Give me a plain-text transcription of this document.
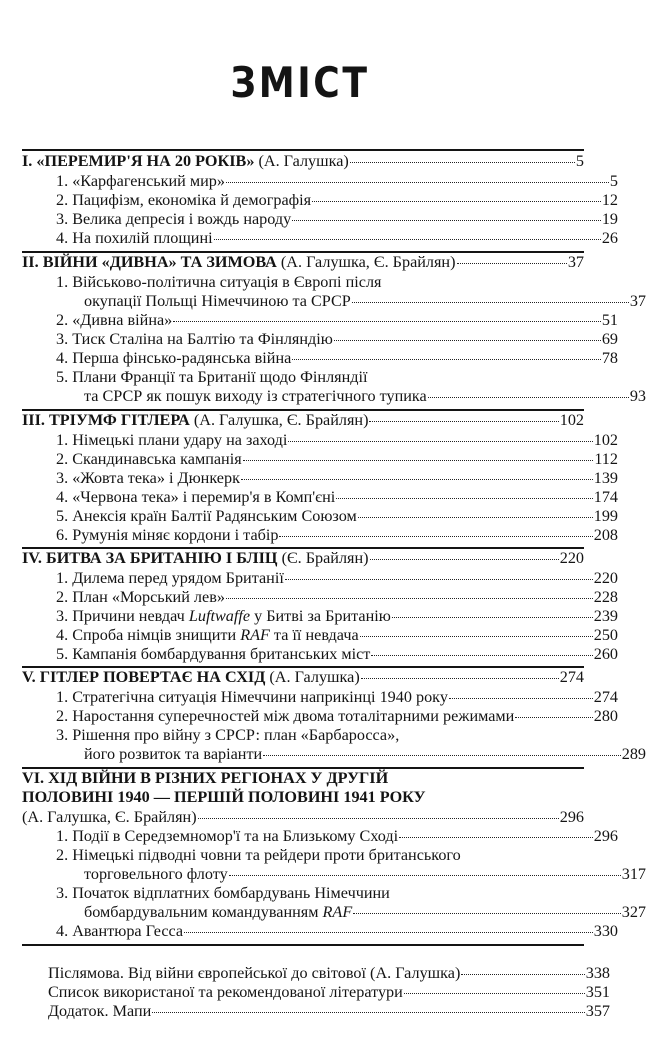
ЗМІСТ
I. «ПЕРЕМИР'Я НА 20 РОКІВ» (А. Галушка)	5
1. «Карфагенський мир»	5
2. Пацифізм, економіка й демографія	12
3. Велика депресія і вождь народу	19
4. На похилій площині	26
II. ВІЙНИ «ДИВНА» ТА ЗИМОВА (А. Галушка, Є. Брайлян)	37
1. Військово-політична ситуація в Європі після
окупації Польщі Німеччиною та СРСР	37
2. «Дивна війна»	51
3. Тиск Сталіна на Балтію та Фінляндію	69
4. Перша фінсько-радянська війна	78
5. Плани Франції та Британії щодо Фінляндії
та СРСР як пошук виходу із стратегічного тупика	93
III. ТРІУМФ ГІТЛЕРА (А. Галушка, Є. Брайлян)	102
1. Німецькі плани удару на заході	102
2. Скандинавська кампанія	112
3. «Жовта тека» і Дюнкерк	139
4. «Червона тека» і перемир'я в Комп'єні	174
5. Анексія країн Балтії Радянським Союзом	199
6. Румунія міняє кордони і табір	208
IV. БИТВА ЗА БРИТАНІЮ І БЛІЦ (Є. Брайлян)	220
1. Дилема перед урядом Британії	220
2. План «Морський лев»	228
3. Причини невдач Luftwaffe у Битві за Британію	239
4. Спроба німців знищити RAF та її невдача	250
5. Кампанія бомбардування британських міст	260
V. ГІТЛЕР ПОВЕРТАЄ НА СХІД (А. Галушка)	274
1. Стратегічна ситуація Німеччини наприкінці 1940 року	274
2. Наростання суперечностей між двома тоталітарними режимами	280
3. Рішення про війну з СРСР: план «Барбаросса»,
його розвиток та варіанти	289
VI. ХІД ВІЙНИ В РІЗНИХ РЕГІОНАХ У ДРУГІЙ
ПОЛОВИНІ 1940 — ПЕРШІЙ ПОЛОВИНІ 1941 РОКУ
(А. Галушка, Є. Брайлян)	296
1. Події в Середземномор'ї та на Близькому Сході	296
2. Німецькі підводні човни та рейдери проти британського
торговельного флоту	317
3. Початок відплатних бомбардувань Німеччини
бомбардувальним командуванням RAF	327
4. Авантюра Гесса	330
Післямова. Від війни європейської до світової (А. Галушка)	338
Список використаної та рекомендованої літератури	351
Додаток. Мапи	357
